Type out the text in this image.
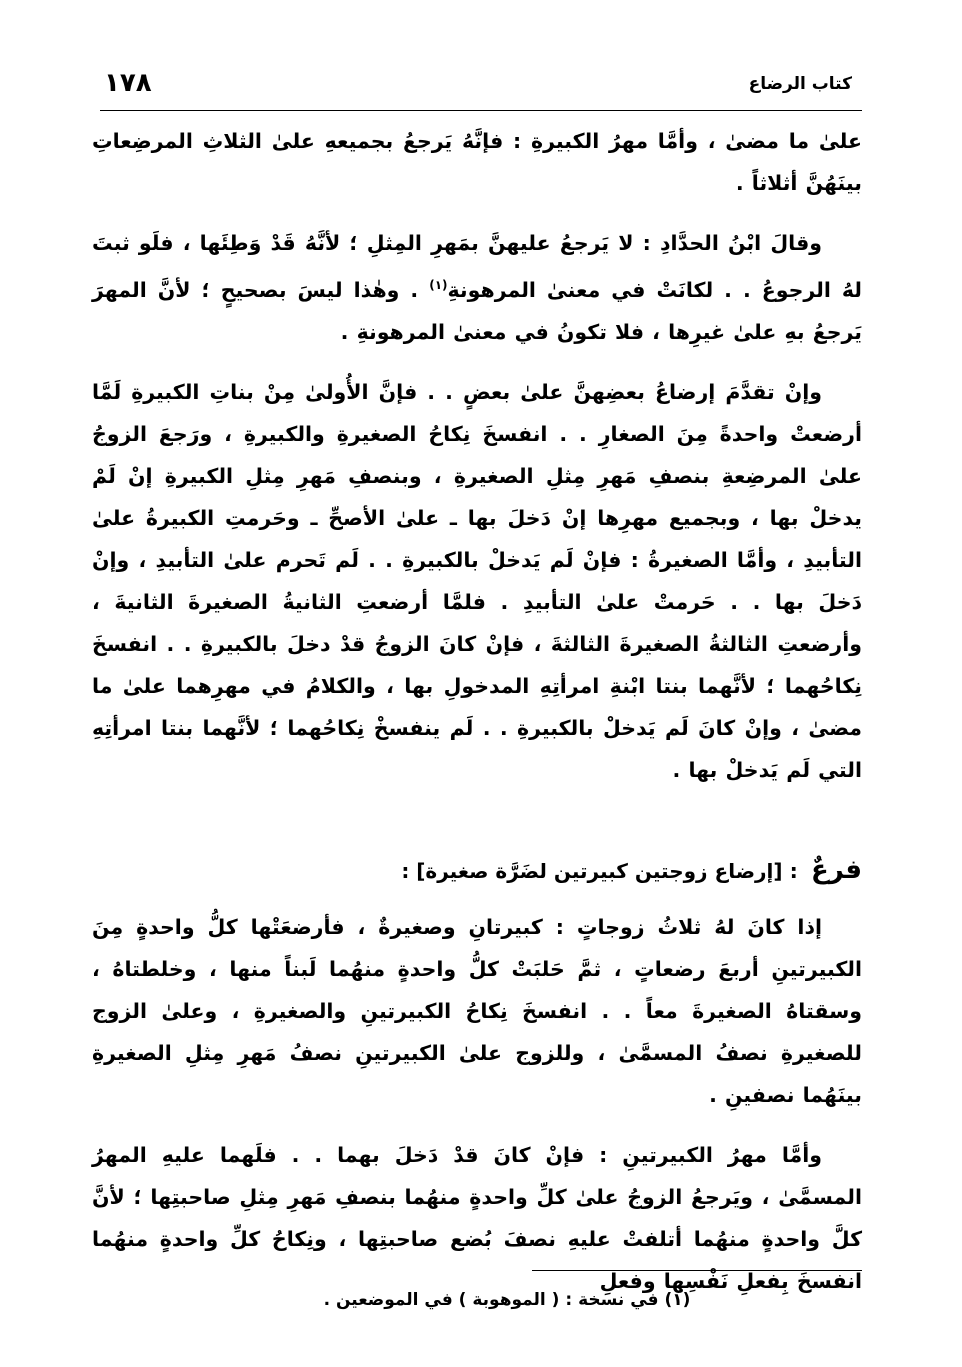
كتاب الرضاع
١٧٨

علىٰ ما مضىٰ ، وأمَّا مهرُ الكبيرةِ : فإنَّهُ يَرجعُ بجميعهِ علىٰ الثلاثِ المرضِعاتِ بينَهُنَّ أثلاثاً .

وقالَ ابْنُ الحدَّادِ : لا يَرجعُ عليهنَّ بمَهرِ المِثلِ ؛ لأنَّهُ قَدْ وَطِئَها ، فلَو ثبتَ لهُ الرجوعُ . . لكانَتْ في معنىٰ المرهونةِ$^{(١)}$ . وهٰذا ليسَ بصحيحٍ ؛ لأنَّ المهرَ يَرجعُ بهِ علىٰ غيرِها ، فلا تكونُ في معنىٰ المرهونةِ .

وإنْ تقدَّمَ إرضاعُ بعضِهنَّ علىٰ بعضٍ . . فإنَّ الأُولىٰ مِنْ بناتِ الكبيرةِ لَمَّا أرضعتْ واحدةً مِنَ الصغارِ . . انفسخَ نِكاحُ الصغيرةِ والكبيرةِ ، ورَجعَ الزوجُ علىٰ المرضِعةِ بنصفِ مَهرِ مِثلِ الصغيرةِ ، وبنصفِ مَهرِ مِثلِ الكبيرةِ إنْ لَمْ يدخلْ بها ، وبجميع مهرِها إنْ دَخلَ بها ـ علىٰ الأصحِّ ـ وحَرمتِ الكبيرةُ علىٰ التأبيدِ ، وأمَّا الصغيرةُ : فإنْ لَم يَدخلْ بالكبيرةِ . . لَم تَحرم علىٰ التأبيدِ ، وإنْ دَخلَ بها . . حَرمتْ علىٰ التأبيدِ . فلمَّا أرضعتِ الثانيةُ الصغيرةَ الثانيةَ ، وأرضعتِ الثالثةُ الصغيرةَ الثالثةَ ، فإنْ كانَ الزوجُ قدْ دخلَ بالكبيرةِ . . انفسخَ نِكاحُهما ؛ لأنَّهما بنتا ابْنةِ امرأتِهِ المدخولِ بها ، والكلامُ في مهرِهما علىٰ ما مضىٰ ، وإنْ كانَ لَم يَدخلْ بالكبيرةِ . . لَم ينفسخْ نِكاحُهما ؛ لأنَّهما بنتا امرأتِهِ التي لَم يَدخلْ بها .

فرعٌ : [إرضاع زوجتين كبيرتين لضَرَّة صغيرة] :

إذا كانَ لهُ ثلاثُ زوجاتٍ : كبيرتانِ وصغيرةٌ ، فأرضعَتْها كلُّ واحدةٍ مِنَ الكبيرتينِ أربعَ رضعاتٍ ، ثمَّ حَلبَتْ كلُّ واحدةٍ منهُما لَبناً منها ، وخلطتاهُ ، وسقتاهُ الصغيرةَ معاً . . انفسخَ نِكاحُ الكبيرتينِ والصغيرةِ ، وعلىٰ الزوج للصغيرةِ نصفُ المسمَّىٰ ، وللزوج علىٰ الكبيرتينِ نصفُ مَهرِ مِثلِ الصغيرةِ بينَهُما نصفينِ .

وأمَّا مهرُ الكبيرتينِ : فإنْ كانَ قدْ دَخلَ بهما . . فلَهما عليهِ المهرُ المسمَّىٰ ، ويَرجعُ الزوجُ علىٰ كلِّ واحدةٍ منهُما بنصفِ مَهرِ مِثلِ صاحبتِها ؛ لأنَّ كلَّ واحدةٍ منهُما أتلفتْ عليهِ نصفَ بُضع صاحبتِها ، ونِكاحُ كلِّ واحدةٍ منهُما انفسخَ بِفعلِ نَفْسِها وفعلِ

(١) في نسخة : ( الموهوبة ) في الموضعين .
